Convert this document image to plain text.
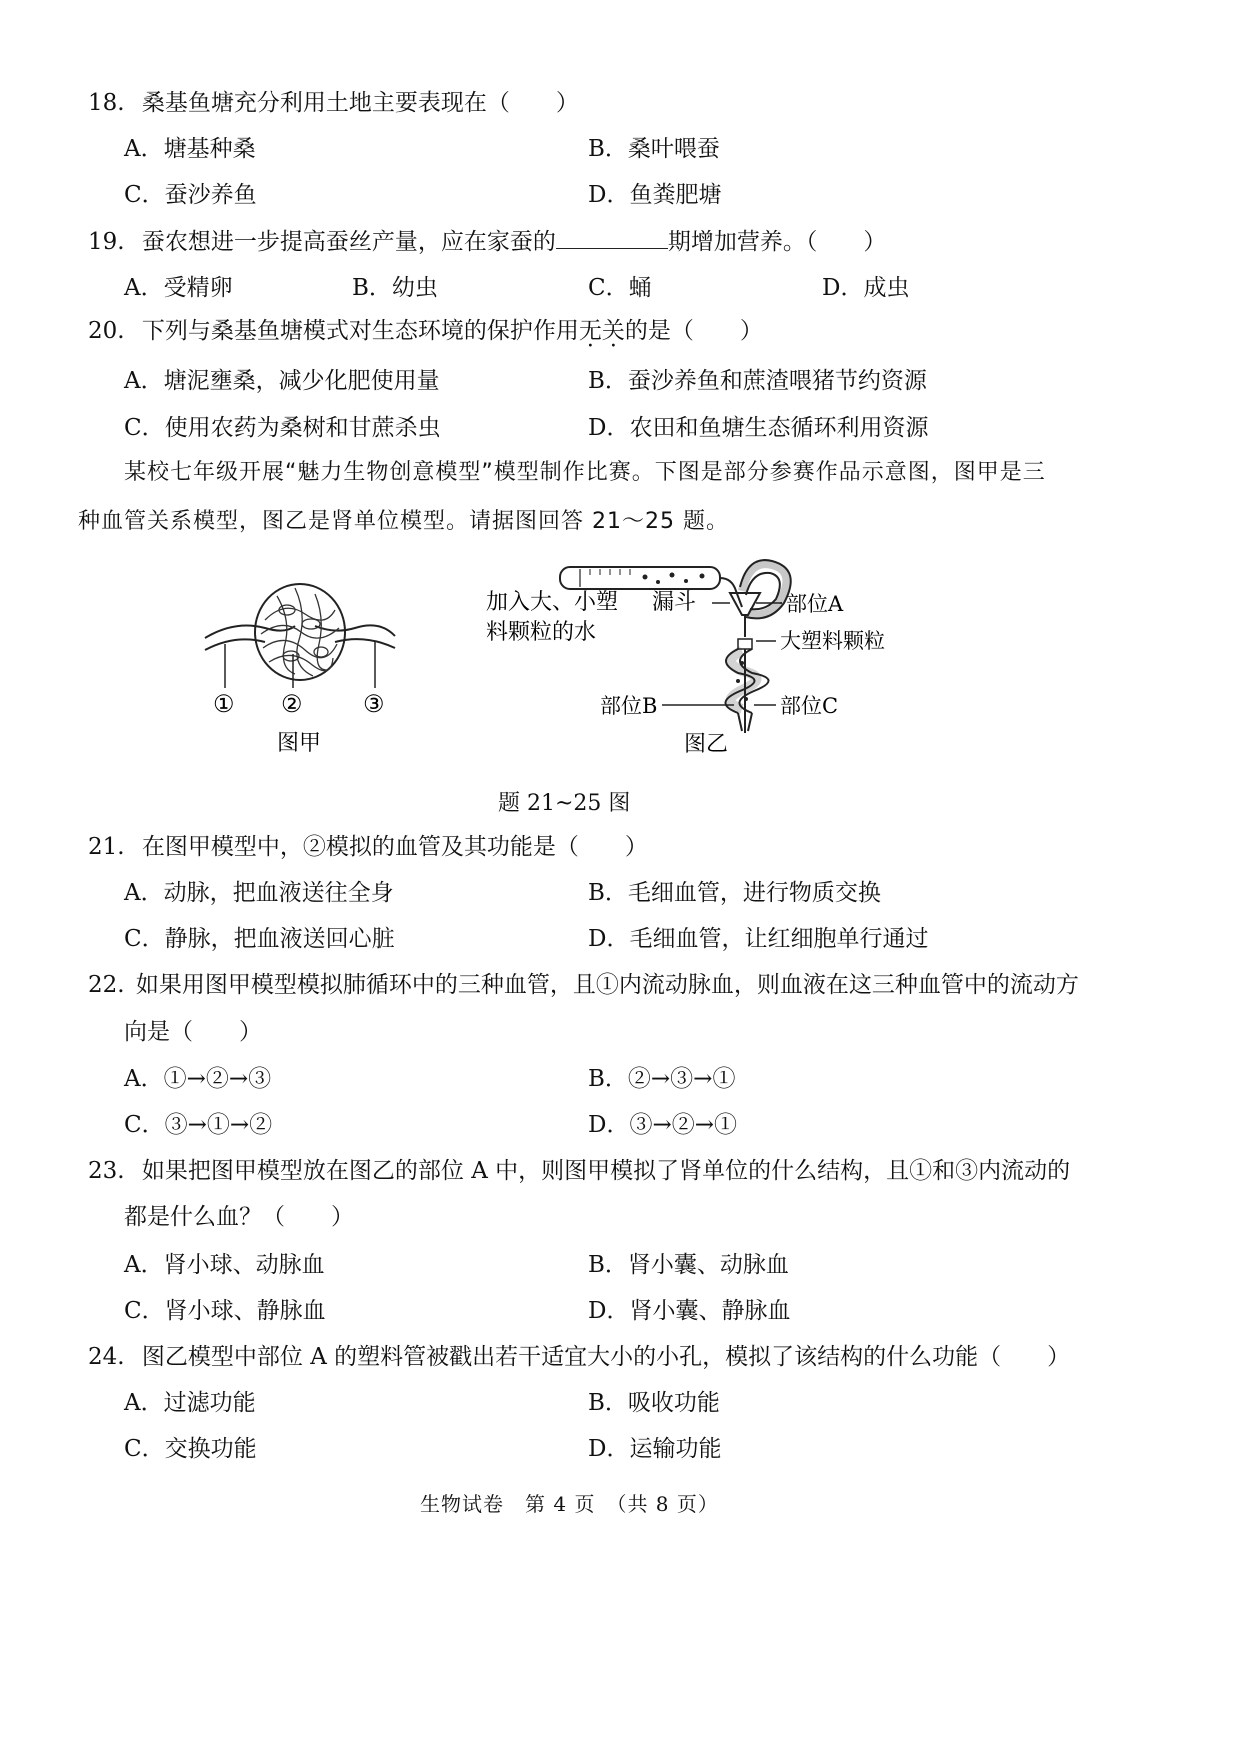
18. 桑基鱼塘充分利用土地主要表现在（　　）
A．塘基种桑	B．桑叶喂蚕
C．蚕沙养鱼	D．鱼粪肥塘
19. 蚕农想进一步提高蚕丝产量，应在家蚕的	期增加营养。（　　）
A．受精卵	B．幼虫	C．蛹	D．成虫
20. 下列与桑基鱼塘模式对生态环境的保护作用无关的是（　　）
A．塘泥壅桑，减少化肥使用量	B．蚕沙养鱼和蔗渣喂猪节约资源
C．使用农药为桑树和甘蔗杀虫	D．农田和鱼塘生态循环利用资源
某校七年级开展“魅力生物创意模型”模型制作比赛。下图是部分参赛作品示意图，图甲是三
种血管关系模型，图乙是肾单位模型。请据图回答 21～25 题。
① ②	③
图甲
加入大、小塑
料颗粒的水
漏斗	部位A
大塑料颗粒
部位B	部位C
图乙
题 21~25 图
21. 在图甲模型中，②模拟的血管及其功能是（　　）
A．动脉，把血液送往全身	B．毛细血管，进行物质交换
C．静脉，把血液送回心脏	D．毛细血管，让红细胞单行通过
22. 如果用图甲模型模拟肺循环中的三种血管，且①内流动脉血，则血液在这三种血管中的流动方
向是（　　）
A．①→②→③	B．②→③→①
C．③→①→②	D．③→②→①
23. 如果把图甲模型放在图乙的部位 A 中，则图甲模拟了肾单位的什么结构，且①和③内流动的
都是什么血？（　　）
A．肾小球、动脉血	B．肾小囊、动脉血
C．肾小球、静脉血	D．肾小囊、静脉血
24. 图乙模型中部位 A 的塑料管被戳出若干适宜大小的小孔，模拟了该结构的什么功能（　　）
A．过滤功能	B．吸收功能
C．交换功能	D．运输功能
生物试卷　第 4 页　（共 8 页）
